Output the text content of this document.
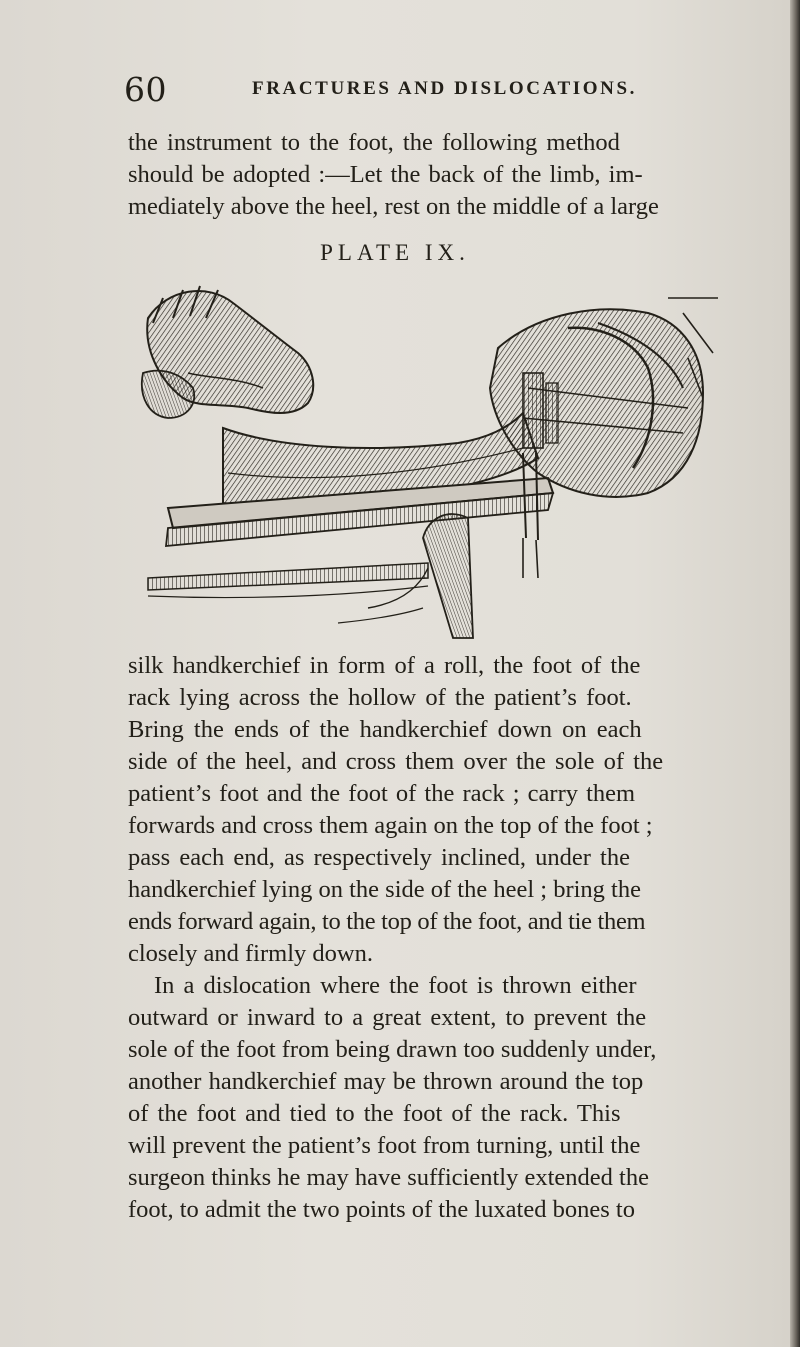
60	FRACTURES AND DISLOCATIONS.
the instrument to the foot, the following method
should be adopted :—Let the back of the limb, im-
mediately above the heel, rest on the middle of a large
PLATE IX.
silk handkerchief in form of a roll, the foot of the
rack lying across the hollow of the patient’s foot.
Bring the ends of the handkerchief down on each
side of the heel, and cross them over the sole of the
patient’s foot and the foot of the rack ; carry them
forwards and cross them again on the top of the foot ;
pass each end, as respectively inclined, under the
handkerchief lying on the side of the heel ; bring the
ends forward again, to the top of the foot, and tie them
closely and firmly down.
In a dislocation where the foot is thrown either
outward or inward to a great extent, to prevent the
sole of the foot from being drawn too suddenly under,
another handkerchief may be thrown around the top
of the foot and tied to the foot of the rack. This
will prevent the patient’s foot from turning, until the
surgeon thinks he may have sufficiently extended the
foot, to admit the two points of the luxated bones to
